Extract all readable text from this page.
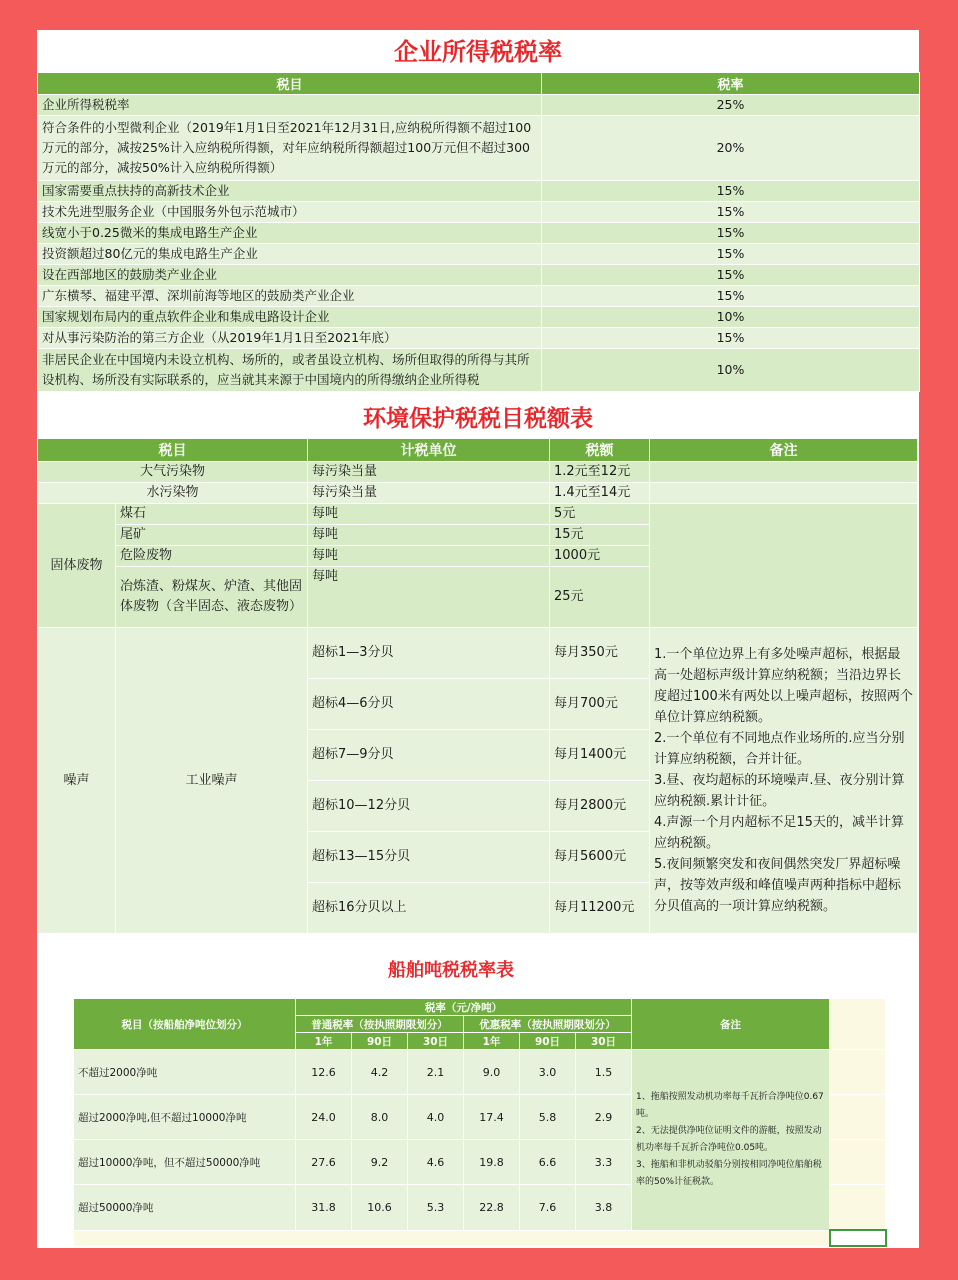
企业所得税税率
税目	税率
企业所得税税率	25%
符合条件的小型微利企业（2019年1月1日至2021年12月31日,应纳税所得额不超过100万元的部分，减按25%计入应纳税所得额，对年应纳税所得额超过100万元但不超过300万元的部分，减按50%计入应纳税所得额）	20%
国家需要重点扶持的高新技术企业	15%
技术先进型服务企业（中国服务外包示范城市）	15%
线宽小于0.25微米的集成电路生产企业	15%
投资额超过80亿元的集成电路生产企业	15%
设在西部地区的鼓励类产业企业	15%
广东横琴、福建平潭、深圳前海等地区的鼓励类产业企业	15%
国家规划布局内的重点软件企业和集成电路设计企业	10%
对从事污染防治的第三方企业（从2019年1月1日至2021年底）	15%
非居民企业在中国境内未设立机构、场所的，或者虽设立机构、场所但取得的所得与其所设机构、场所没有实际联系的，应当就其来源于中国境内的所得缴纳企业所得税	10%
环境保护税税目税额表
税目		计税单位	税额	备注
大气污染物		每污染当量	1.2元至12元	
水污染物		每污染当量	1.4元至14元	
固体废物	煤石	每吨	5元	
	尾矿	每吨	15元	
	危险废物	每吨	1000元	
	冶炼渣、粉煤灰、炉渣、其他固体废物（含半固态、液态废物）	每吨	25元	
噪声	工业噪声	超标1—3分贝	每月350元	1.一个单位边界上有多处噪声超标，根据最高一处超标声级计算应纳税额；当沿边界长度超过100米有两处以上噪声超标，按照两个单位计算应纳税额。
2.一个单位有不同地点作业场所的.应当分别计算应纳税额，合并计征。
3.昼、夜均超标的环境噪声.昼、夜分别计算应纳税额.累计计征。
4.声源一个月内超标不足15天的，减半计算应纳税额。
5.夜间频繁突发和夜间偶然突发厂界超标噪声，按等效声级和峰值噪声两种指标中超标分贝值高的一项计算应纳税额。

		超标4—6分贝	每月700元	
		超标7—9分贝	每月1400元	
		超标10—12分贝	每月2800元	
		超标13—15分贝	每月5600元	
		超标16分贝以上	每月11200元	
船舶吨税税率表
税目（按船舶净吨位划分）	税率（元/净吨）						备注	
	普通税率（按执照期限划分）			优惠税率（按执照期限划分）				
	1年	90日	30日	1年	90日	30日		
不超过2000净吨	12.6	4.2	2.1	9.0	3.0	1.5	1、拖船按照发动机功率每千瓦折合净吨位0.67吨。
2、无法提供净吨位证明文件的游艇，按照发动机功率每千瓦折合净吨位0.05吨。
3、拖船和非机动驳船分别按相同净吨位船舶税率的50%计征税款。	

超过2000净吨,但不超过10000净吨	24.0	8.0	4.0	17.4	5.8	2.9		
超过10000净吨，但不超过50000净吨	27.6	9.2	4.6	19.8	6.6	3.3		
超过50000净吨	31.8	10.6	5.3	22.8	7.6	3.8		
